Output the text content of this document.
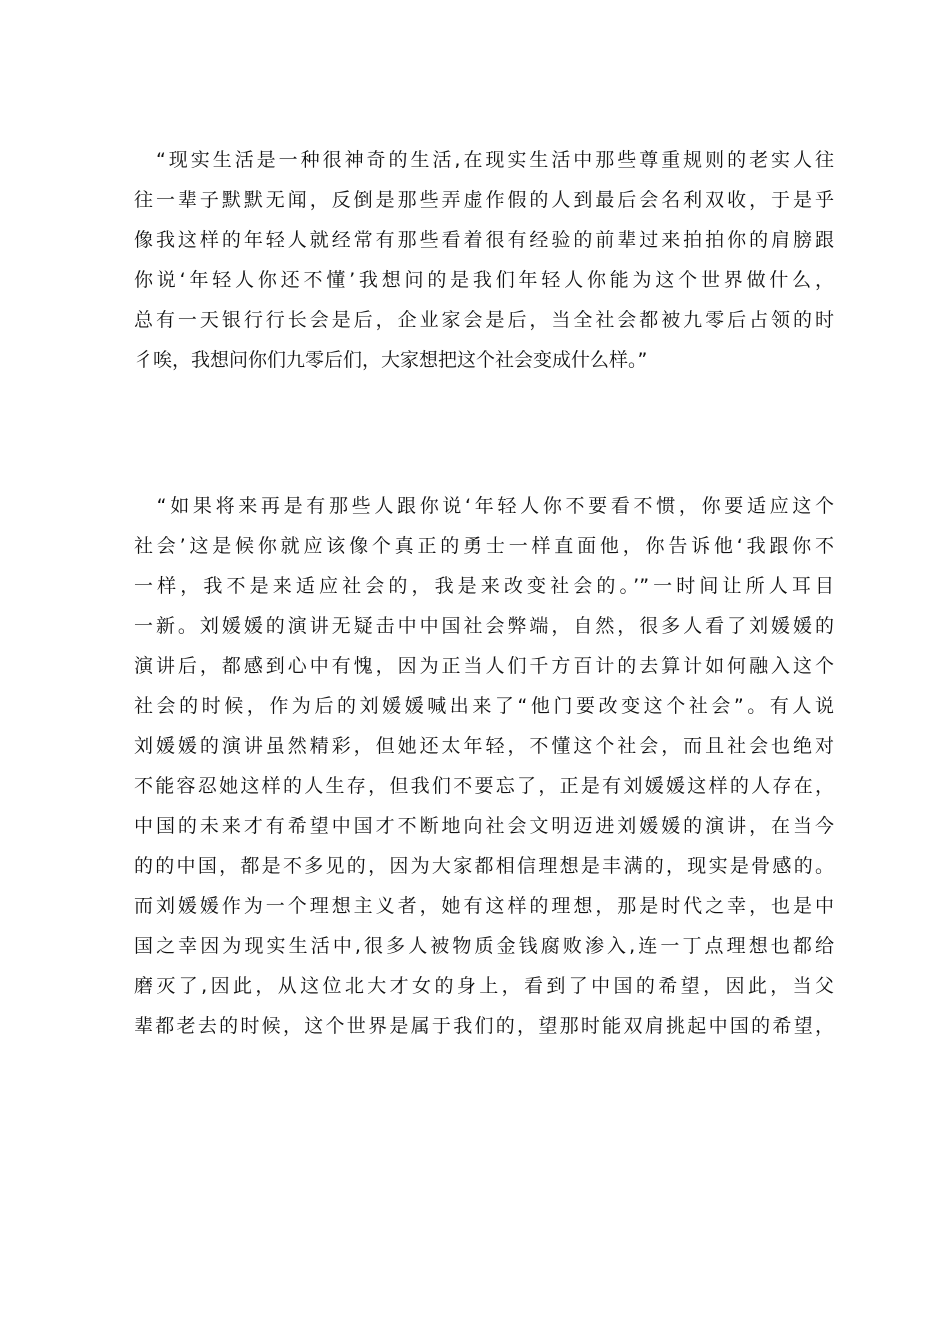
　“现实生活是一种很神奇的生活,在现实生活中那些尊重规则的老实人往
往一辈子默默无闻，反倒是那些弄虚作假的人到最后会名利双收，于是乎
像我这样的年轻人就经常有那些看着很有经验的前辈过来拍拍你的肩膀跟
你说‘年轻人你还不懂’我想问的是我们年轻人你能为这个世界做什么，
总有一天银行行长会是后，企业家会是后，当全社会都被九零后占领的时
彳唉，我想问你们九零后们，大家想把这个社会变成什么样。”
　“如果将来再是有那些人跟你说‘年轻人你不要看不惯，你要适应这个
社会’这是候你就应该像个真正的勇士一样直面他，你告诉他‘我跟你不
一样，我不是来适应社会的，我是来改变社会的。’”一时间让所人耳目
一新。刘媛媛的演讲无疑击中中国社会弊端，自然，很多人看了刘媛媛的
演讲后，都感到心中有愧，因为正当人们千方百计的去算计如何融入这个
社会的时候，作为后的刘媛媛喊出来了“他门要改变这个社会”。有人说
刘媛媛的演讲虽然精彩，但她还太年轻，不懂这个社会，而且社会也绝对
不能容忍她这样的人生存，但我们不要忘了，正是有刘媛媛这样的人存在，
中国的未来才有希望中国才不断地向社会文明迈进刘媛媛的演讲，在当今
的的中国，都是不多见的，因为大家都相信理想是丰满的，现实是骨感的。
而刘媛媛作为一个理想主义者，她有这样的理想，那是时代之幸，也是中
国之幸因为现实生活中,很多人被物质金钱腐败渗入,连一丁点理想也都给
磨灭了,因此，从这位北大才女的身上，看到了中国的希望，因此，当父
辈都老去的时候，这个世界是属于我们的，望那时能双肩挑起中国的希望，
